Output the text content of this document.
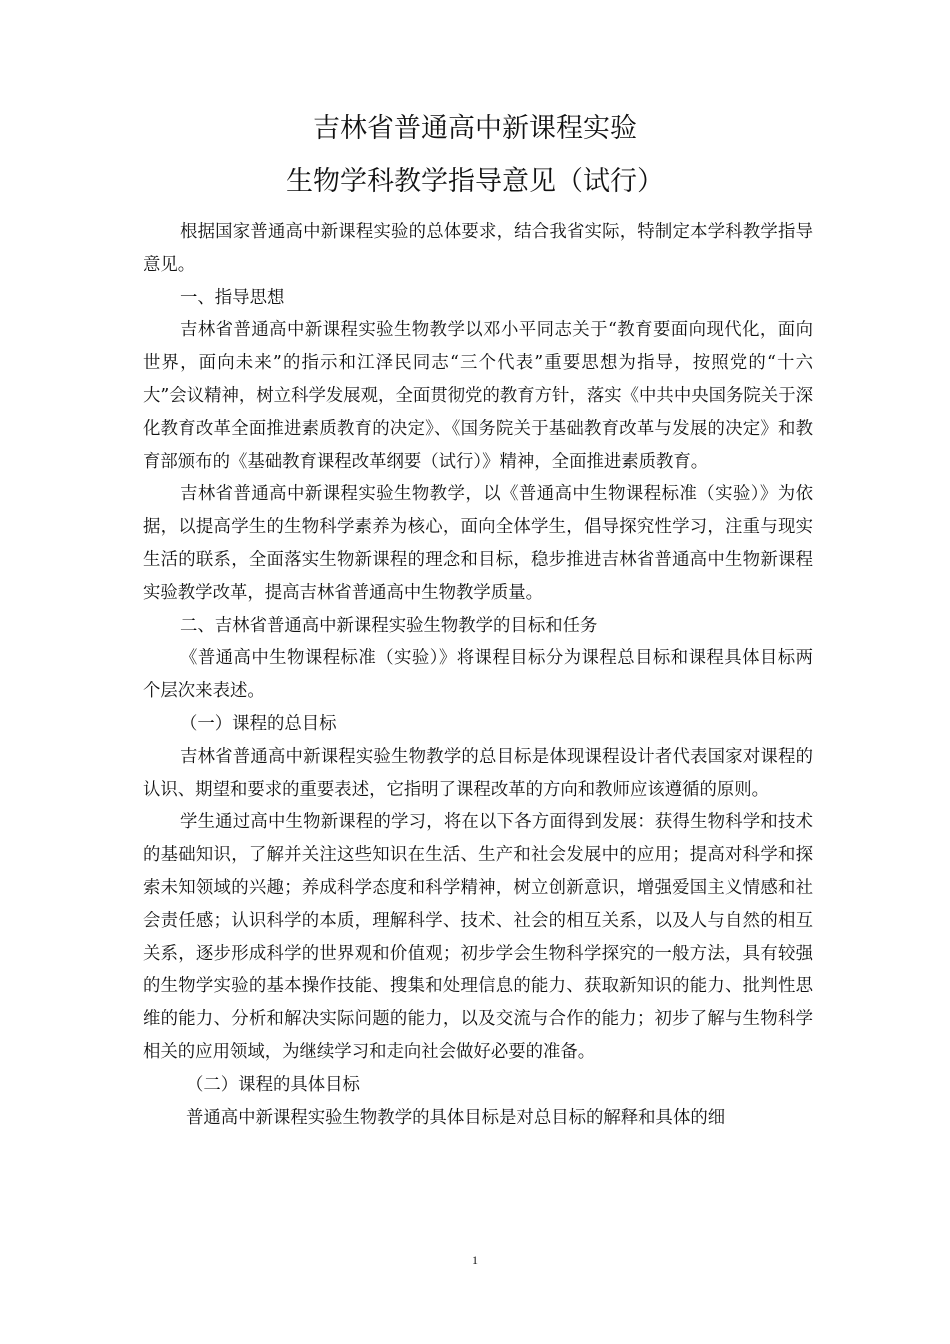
吉林省普通高中新课程实验
生物学科教学指导意见（试行）

根据国家普通高中新课程实验的总体要求，结合我省实际，特制定本学科教学指导意见。

一、指导思想

吉林省普通高中新课程实验生物教学以邓小平同志关于“教育要面向现代化，面向世界，面向未来”的指示和江泽民同志“三个代表”重要思想为指导，按照党的“十六大”会议精神，树立科学发展观，全面贯彻党的教育方针，落实《中共中央国务院关于深化教育改革全面推进素质教育的决定》、《国务院关于基础教育改革与发展的决定》和教育部颁布的《基础教育课程改革纲要（试行）》精神，全面推进素质教育。

吉林省普通高中新课程实验生物教学，以《普通高中生物课程标准（实验）》为依据，以提高学生的生物科学素养为核心，面向全体学生，倡导探究性学习，注重与现实生活的联系，全面落实生物新课程的理念和目标，稳步推进吉林省普通高中生物新课程实验教学改革，提高吉林省普通高中生物教学质量。

二、吉林省普通高中新课程实验生物教学的目标和任务

《普通高中生物课程标准（实验）》将课程目标分为课程总目标和课程具体目标两个层次来表述。

（一）课程的总目标

吉林省普通高中新课程实验生物教学的总目标是体现课程设计者代表国家对课程的认识、期望和要求的重要表述，它指明了课程改革的方向和教师应该遵循的原则。

学生通过高中生物新课程的学习，将在以下各方面得到发展：获得生物科学和技术的基础知识，了解并关注这些知识在生活、生产和社会发展中的应用；提高对科学和探索未知领域的兴趣；养成科学态度和科学精神，树立创新意识，增强爱国主义情感和社会责任感；认识科学的本质，理解科学、技术、社会的相互关系，以及人与自然的相互关系，逐步形成科学的世界观和价值观；初步学会生物科学探究的一般方法，具有较强的生物学实验的基本操作技能、搜集和处理信息的能力、获取新知识的能力、批判性思维的能力、分析和解决实际问题的能力，以及交流与合作的能力；初步了解与生物科学相关的应用领域，为继续学习和走向社会做好必要的准备。

（二）课程的具体目标

普通高中新课程实验生物教学的具体目标是对总目标的解释和具体的细

1
